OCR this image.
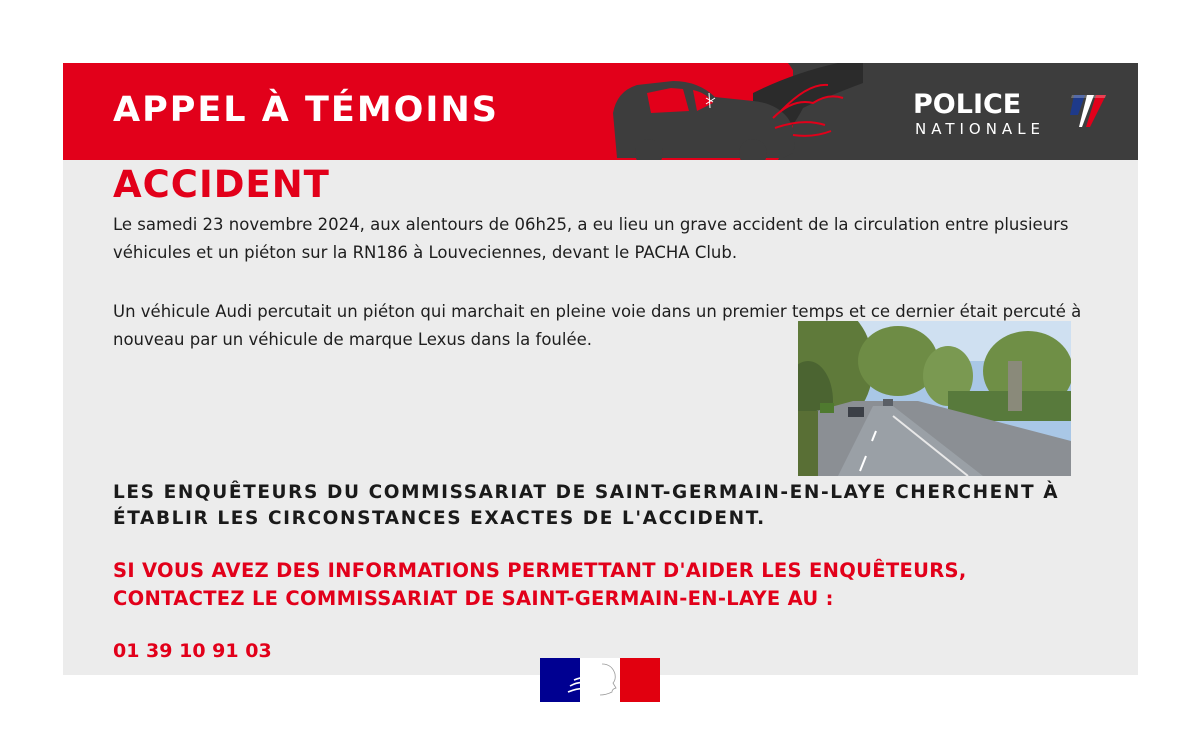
APPEL À TÉMOINS	POLICE
NATIONALE
ACCIDENT

Le samedi 23 novembre 2024, aux alentours de 06h25, a eu lieu un grave accident de la circulation entre plusieurs véhicules et un piéton sur la RN186 à Louveciennes, devant le PACHA Club.

Un véhicule Audi percutait un piéton qui marchait en pleine voie dans un premier temps et ce dernier était percuté à nouveau par un véhicule de marque Lexus dans la foulée.

LES ENQUÊTEURS DU COMMISSARIAT DE SAINT-GERMAIN-EN-LAYE CHERCHENT À ÉTABLIR LES CIRCONSTANCES EXACTES DE L'ACCIDENT.
SI VOUS AVEZ DES INFORMATIONS PERMETTANT D'AIDER LES ENQUÊTEURS, CONTACTEZ LE COMMISSARIAT DE SAINT-GERMAIN-EN-LAYE AU :
01 39 10 91 03
